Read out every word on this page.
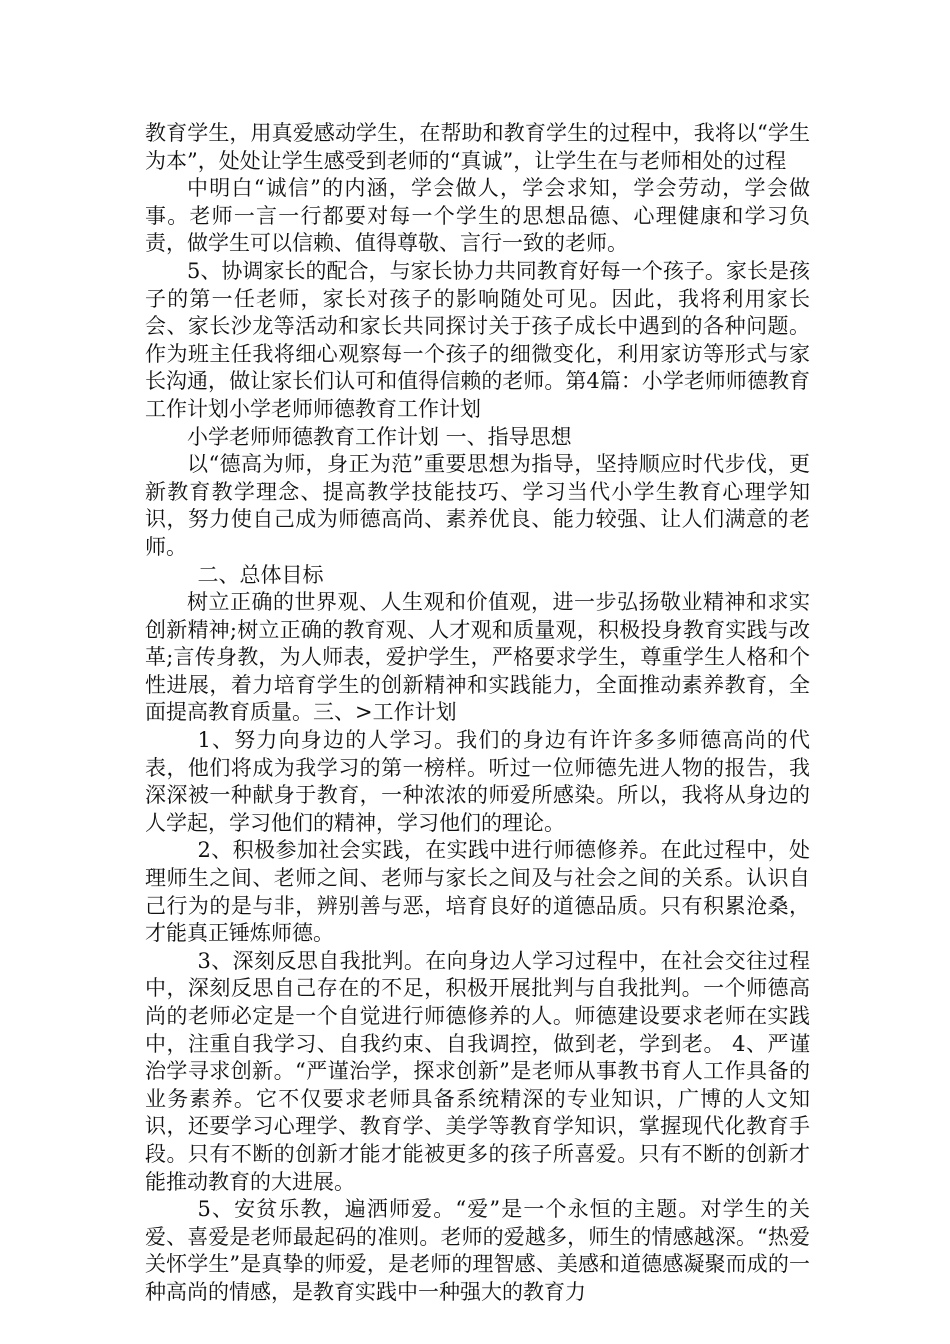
教育学生，用真爱感动学生，在帮助和教育学生的过程中，我将以“学生为本”，处处让学生感受到老师的“真诚”，让学生在与老师相处的过程

中明白“诚信”的内涵，学会做人，学会求知，学会劳动，学会做事。老师一言一行都要对每一个学生的思想品德、心理健康和学习负责，做学生可以信赖、值得尊敬、言行一致的老师。

5、协调家长的配合，与家长协力共同教育好每一个孩子。家长是孩子的第一任老师，家长对孩子的影响随处可见。因此，我将利用家长会、家长沙龙等活动和家长共同探讨关于孩子成长中遇到的各种问题。作为班主任我将细心观察每一个孩子的细微变化，利用家访等形式与家长沟通，做让家长们认可和值得信赖的老师。第4篇：小学老师师德教育工作计划小学老师师德教育工作计划

小学老师师德教育工作计划 一、指导思想

以“德高为师，身正为范”重要思想为指导，坚持顺应时代步伐，更新教育教学理念、提高教学技能技巧、学习当代小学生教育心理学知识，努力使自己成为师德高尚、素养优良、能力较强、让人们满意的老师。

二、总体目标

树立正确的世界观、人生观和价值观，进一步弘扬敬业精神和求实创新精神;树立正确的教育观、人才观和质量观，积极投身教育实践与改革;言传身教，为人师表，爱护学生，严格要求学生，尊重学生人格和个性进展，着力培育学生的创新精神和实践能力，全面推动素养教育，全面提高教育质量。三、>工作计划

1、努力向身边的人学习。我们的身边有许许多多师德高尚的代表，他们将成为我学习的第一榜样。听过一位师德先进人物的报告，我深深被一种献身于教育，一种浓浓的师爱所感染。所以，我将从身边的人学起，学习他们的精神，学习他们的理论。

2、积极参加社会实践，在实践中进行师德修养。在此过程中，处理师生之间、老师之间、老师与家长之间及与社会之间的关系。认识自己行为的是与非，辨别善与恶，培育良好的道德品质。只有积累沧桑，才能真正锤炼师德。

3、深刻反思自我批判。在向身边人学习过程中，在社会交往过程中，深刻反思自己存在的不足，积极开展批判与自我批判。一个师德高尚的老师必定是一个自觉进行师德修养的人。师德建设要求老师在实践中，注重自我学习、自我约束、自我调控，做到老，学到老。 4、严谨治学寻求创新。“严谨治学，探求创新”是老师从事教书育人工作具备的业务素养。它不仅要求老师具备系统精深的专业知识，广博的人文知识，还要学习心理学、教育学、美学等教育学知识，掌握现代化教育手段。只有不断的创新才能才能被更多的孩子所喜爱。只有不断的创新才能推动教育的大进展。

5、安贫乐教，遍洒师爱。“爱”是一个永恒的主题。对学生的关爱、喜爱是老师最起码的准则。老师的爱越多，师生的情感越深。“热爱关怀学生”是真挚的师爱，是老师的理智感、美感和道德感凝聚而成的一种高尚的情感，是教育实践中一种强大的教育力
